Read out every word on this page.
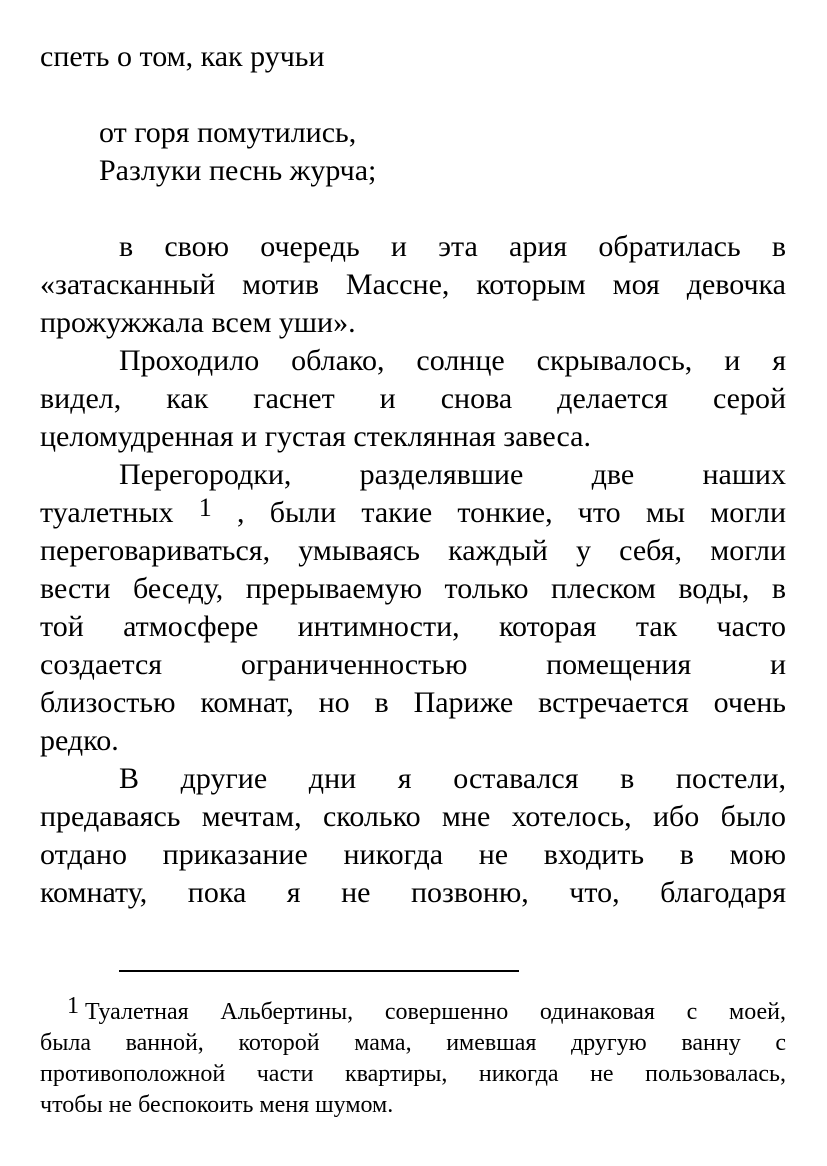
спеть о том, как ручьи
от горя помутились,
Разлуки песнь журча;
в свою очередь и эта ария обратилась в
«затасканный мотив Массне, которым моя девочка
прожужжала всем уши».
Проходило облако, солнце скрывалось, и я
видел, как гаснет и снова делается серой
целомудренная и густая стеклянная завеса.
Перегородки, разделявшие две наших
туалетных $^1$ , были такие тонкие, что мы могли
переговариваться, умываясь каждый у себя, могли
вести беседу, прерываемую только плеском воды, в
той атмосфере интимности, которая так часто
создается ограниченностью помещения и
близостью комнат, но в Париже встречается очень
редко.
В другие дни я оставался в постели,
предаваясь мечтам, сколько мне хотелось, ибо было
отдано приказание никогда не входить в мою
комнату, пока я не позвоню, что, благодаря
1 Туалетная Альбертины, совершенно одинаковая с моей,
была ванной, которой мама, имевшая другую ванну с
противоположной части квартиры, никогда не пользовалась,
чтобы не беспокоить меня шумом.
